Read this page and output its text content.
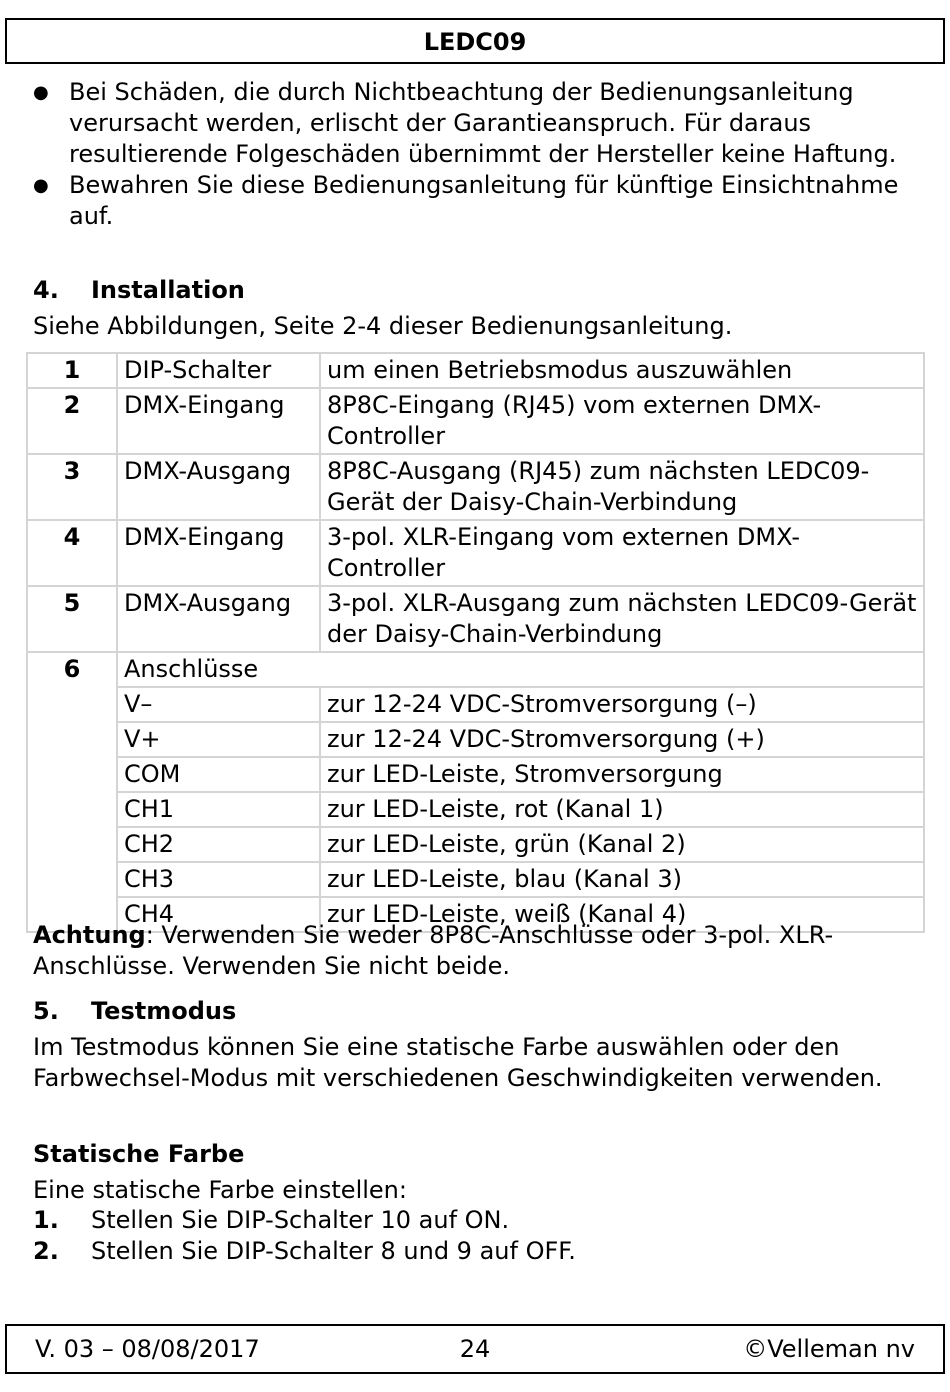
LEDC09
● Bei Schäden, die durch Nichtbeachtung der Bedienungsanleitung verursacht werden, erlischt der Garantieanspruch. Für daraus resultierende Folgeschäden übernimmt der Hersteller keine Haftung.
● Bewahren Sie diese Bedienungsanleitung für künftige Einsichtnahme auf.
4. Installation
Siehe Abbildungen, Seite 2-4 dieser Bedienungsanleitung.
1	DIP-Schalter	um einen Betriebsmodus auszuwählen
2	DMX-Eingang	8P8C-Eingang (RJ45) vom externen DMX-Controller
3	DMX-Ausgang	8P8C-Ausgang (RJ45) zum nächsten LEDC09-Gerät der Daisy-Chain-Verbindung
4	DMX-Eingang	3-pol. XLR-Eingang vom externen DMX-Controller
5	DMX-Ausgang	3-pol. XLR-Ausgang zum nächsten LEDC09-Gerät der Daisy-Chain-Verbindung
6	Anschlüsse	
	V–	zur 12-24 VDC-Stromversorgung (–)
	V+	zur 12-24 VDC-Stromversorgung (+)
	COM	zur LED-Leiste, Stromversorgung
	CH1	zur LED-Leiste, rot (Kanal 1)
	CH2	zur LED-Leiste, grün (Kanal 2)
	CH3	zur LED-Leiste, blau (Kanal 3)
	CH4	zur LED-Leiste, weiß (Kanal 4)
Achtung: Verwenden Sie weder 8P8C-Anschlüsse oder 3-pol. XLR-Anschlüsse. Verwenden Sie nicht beide.
5. Testmodus
Im Testmodus können Sie eine statische Farbe auswählen oder den Farbwechsel-Modus mit verschiedenen Geschwindigkeiten verwenden.
Statische Farbe
Eine statische Farbe einstellen:
1. Stellen Sie DIP-Schalter 10 auf ON.
2. Stellen Sie DIP-Schalter 8 und 9 auf OFF.
V. 03 – 08/08/2017	24	©Velleman nv
